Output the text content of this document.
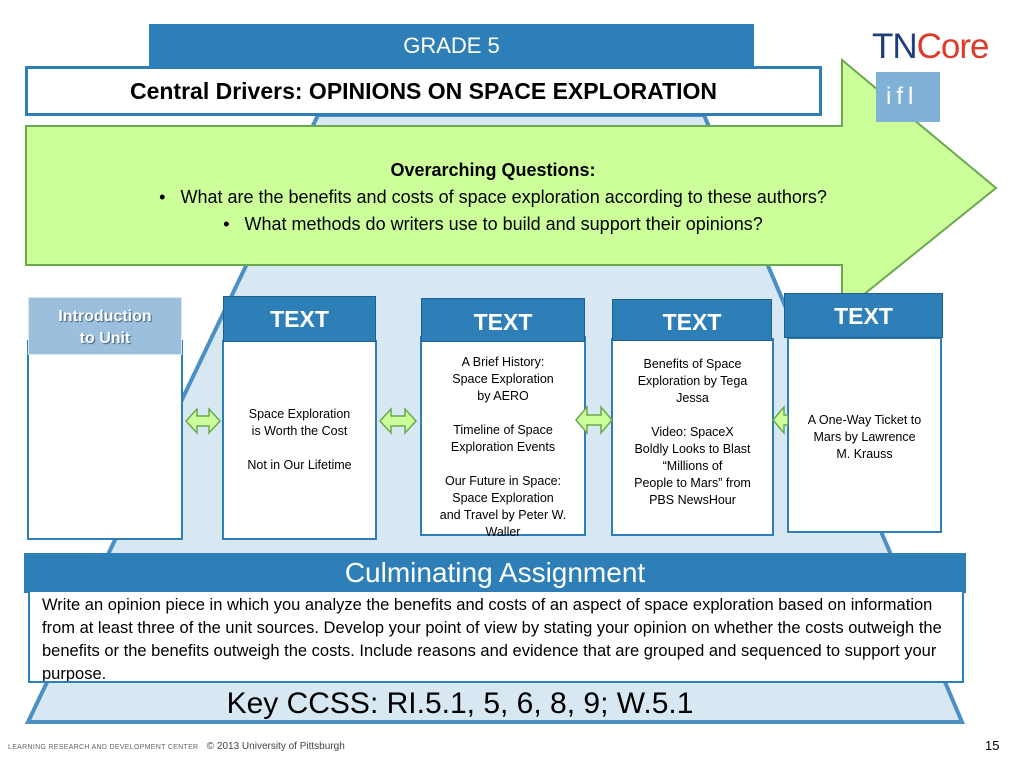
GRADE 5
Central Drivers: OPINIONS ON SPACE EXPLORATION
TNCore
ifl
Overarching Questions:
•   What are the benefits and costs of space exploration according to these authors?
•   What methods do writers use to build and support their opinions?
Introduction
to Unit

Space Exploration

is Worth the Cost

Not in Our Lifetime

TEXT

A Brief History:

Space Exploration

by AERO

Timeline of Space

Exploration Events

Our Future in Space:

Space Exploration

and Travel by Peter W.

Waller

TEXT

Benefits of Space

Exploration by Tega

Jessa

Video: SpaceX

Boldly Looks to Blast

“Millions of

People to Mars” from

PBS NewsHour

TEXT

A One-Way Ticket to

Mars by Lawrence

M. Krauss

TEXT
Culminating Assignment
Write an opinion piece in which you analyze the benefits and costs of an aspect of space exploration based on information from at least three of the unit sources. Develop your point of view by stating your opinion on whether the costs outweigh the benefits or the benefits outweigh the costs. Include reasons and evidence that are grouped and sequenced to support your purpose.
Key CCSS: RI.5.1, 5, 6, 8, 9; W.5.1
LEARNING RESEARCH AND DEVELOPMENT CENTER © 2013 University of Pittsburgh	15
